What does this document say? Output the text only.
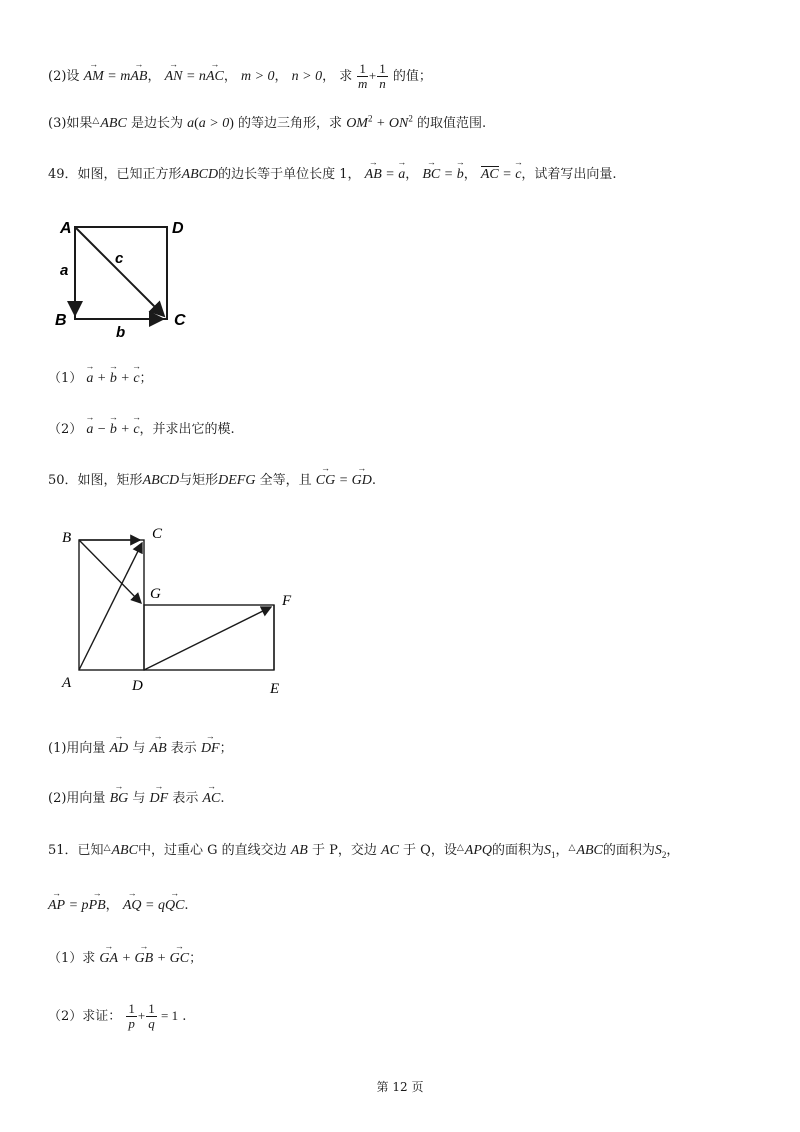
(2)设 → AM = m→ AB， → AN = n→ AC， m > 0， n > 0， 求 $\frac{1}{m} + \frac{1}{n}$ 的值；
(3)如果△ABC 是边长为 a(a > 0) 的等边三角形，求 $OM^2 + ON^2$ 的取值范围.
49．如图，已知正方形ABCD的边长等于单位长度 1， → AB = → a， → BC = → b， AC = → c，试着写出向量.
A	D
B	C
a
b
c
（1） → a + → b + → c；
（2） → a − → b + → c，并求出它的模.
50．如图，矩形ABCD与矩形DEFG 全等，且 → CG = → GD.
B	C
G	F
A	D	E
(1)用向量 → AD 与 → AB 表示 → DF；
(2)用向量 → BG 与 → DF 表示 → AC.
51．已知△ABC中，过重心 G 的直线交边 AB 于 P，交边 AC 于 Q，设△APQ的面积为$S_1$，△ABC的面积为$S_2$，
→ AP = p→ PB， → AQ = q→ QC.
（1）求 → GA + → GB + → GC；
（2）求证： $\frac{1}{p} + \frac{1}{q} = 1$ .
第 12 页
